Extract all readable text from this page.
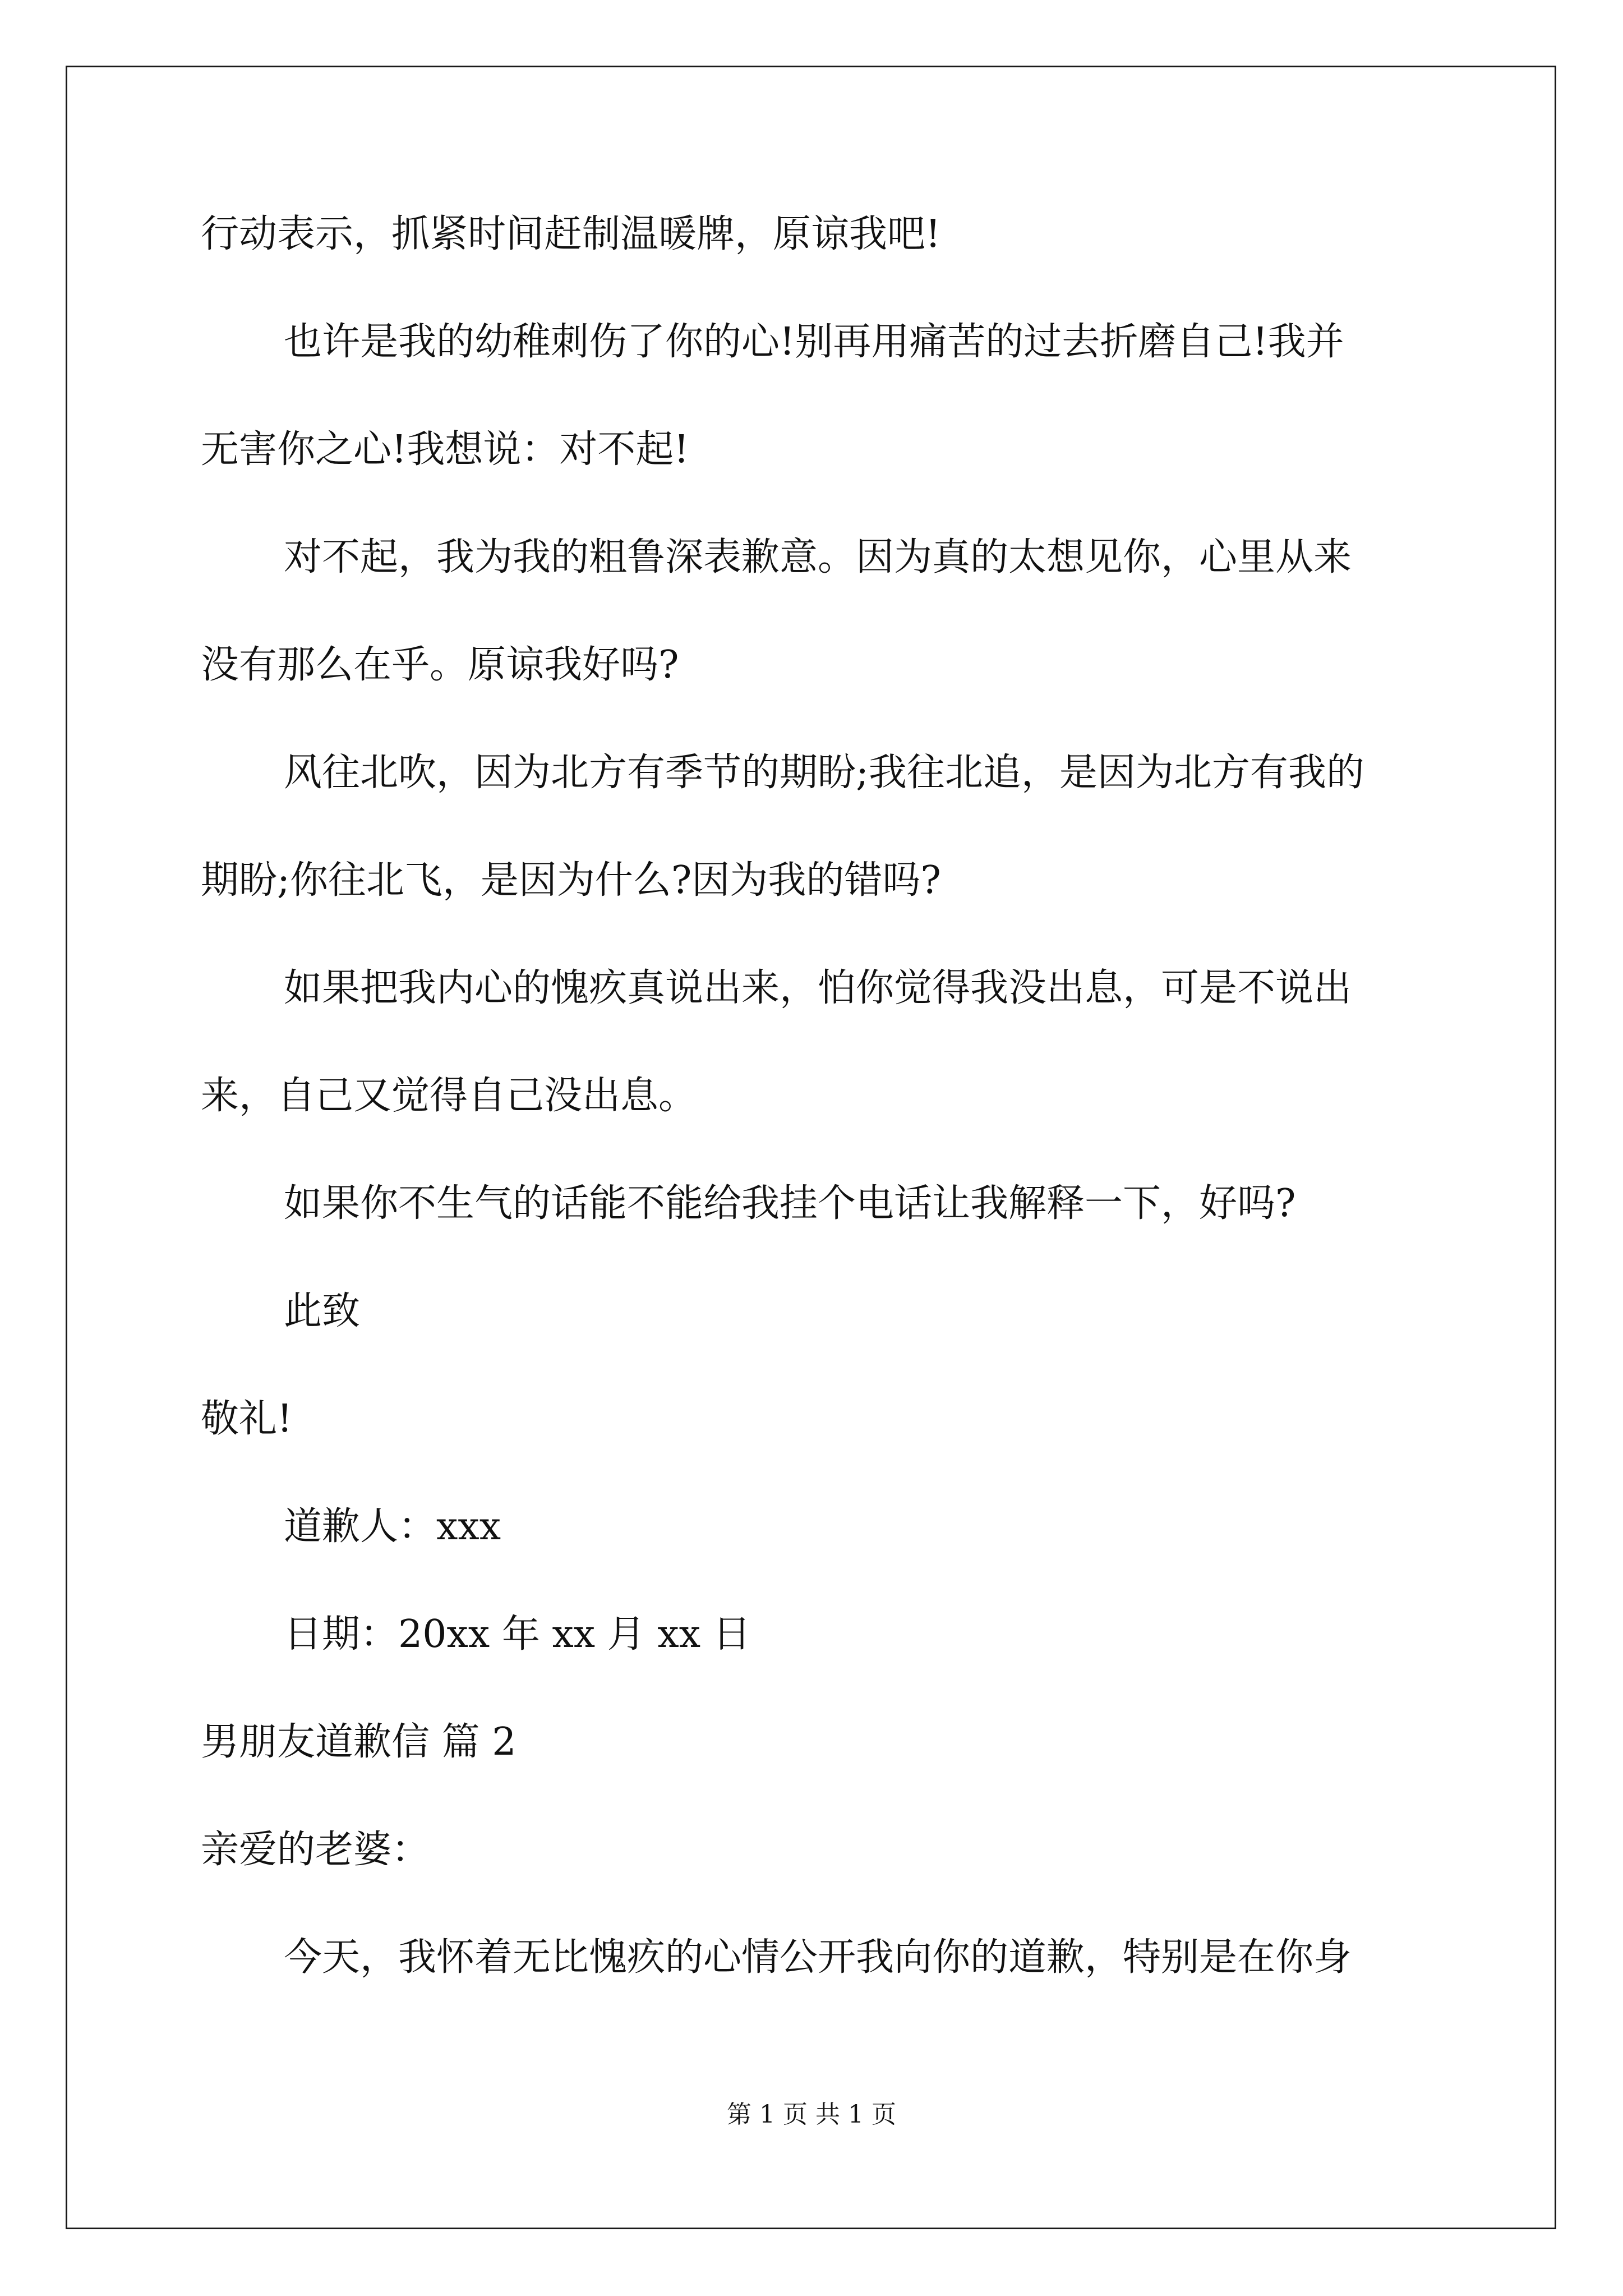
行动表示，抓紧时间赶制温暖牌，原谅我吧!
也许是我的幼稚刺伤了你的心!别再用痛苦的过去折磨自己!我并
无害你之心!我想说：对不起!
对不起，我为我的粗鲁深表歉意。因为真的太想见你，心里从来
没有那么在乎。原谅我好吗?
风往北吹，因为北方有季节的期盼;我往北追，是因为北方有我的
期盼;你往北飞，是因为什么?因为我的错吗?
如果把我内心的愧疚真说出来，怕你觉得我没出息，可是不说出
来，自己又觉得自己没出息。
如果你不生气的话能不能给我挂个电话让我解释一下，好吗?
此致
敬礼!
道歉人：xxx
日期：20xx 年 xx 月 xx 日
男朋友道歉信 篇 2
亲爱的老婆：
今天，我怀着无比愧疚的心情公开我向你的道歉，特别是在你身
第 1 页 共 1 页
